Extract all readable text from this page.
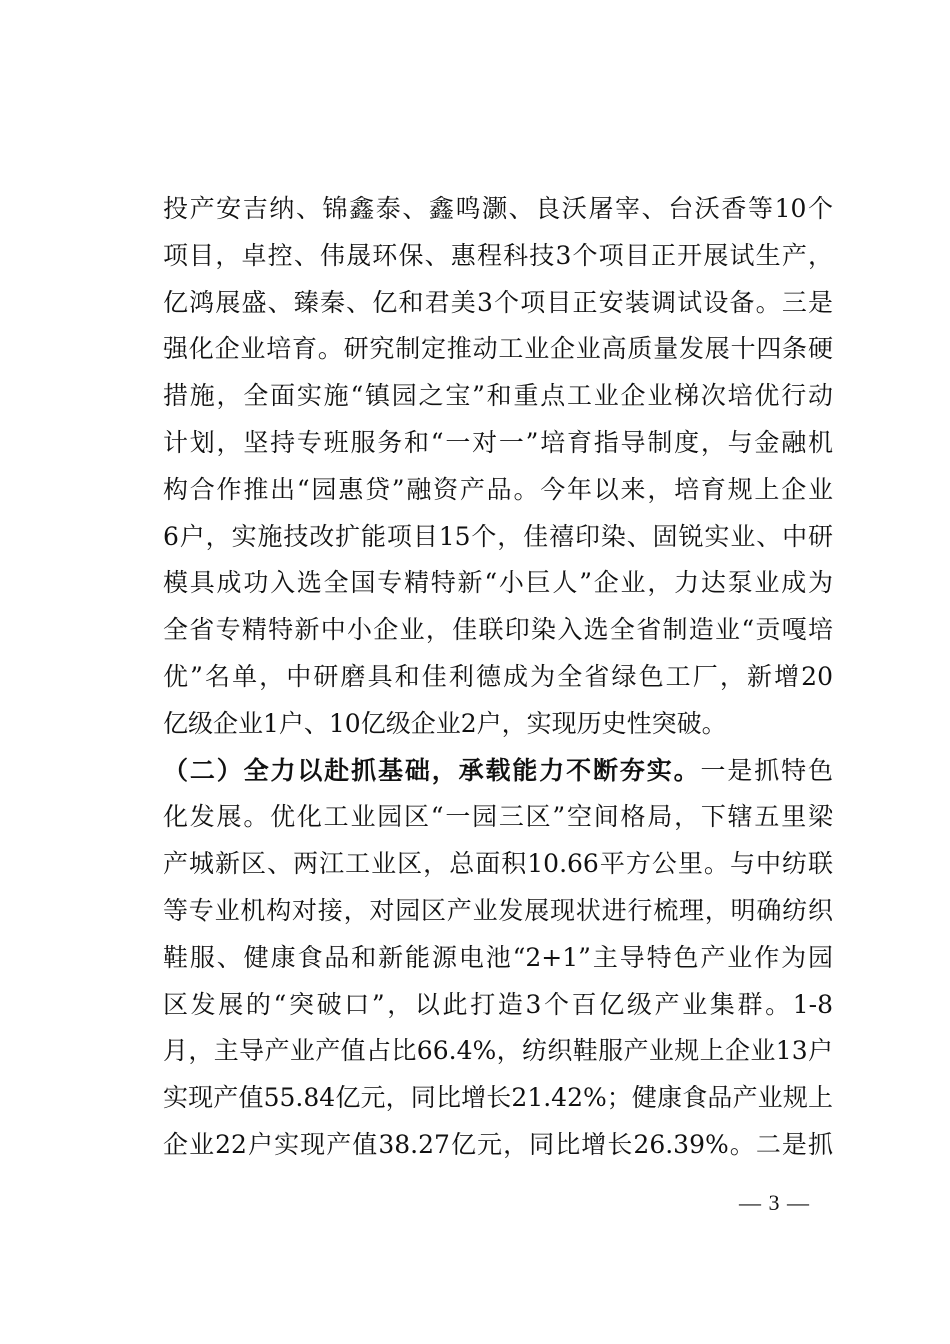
投产安吉纳、锦鑫泰、鑫鸣灏、良沃屠宰、台沃香等10个
项目，卓控、伟晟环保、惠程科技3个项目正开展试生产，
亿鸿展盛、臻秦、亿和君美3个项目正安装调试设备。三是
强化企业培育。研究制定推动工业企业高质量发展十四条硬
措施，全面实施“镇园之宝”和重点工业企业梯次培优行动
计划，坚持专班服务和“一对一”培育指导制度，与金融机
构合作推出“园惠贷”融资产品。今年以来，培育规上企业
6户，实施技改扩能项目15个，佳禧印染、固锐实业、中研
模具成功入选全国专精特新“小巨人”企业，力达泵业成为
全省专精特新中小企业，佳联印染入选全省制造业“贡嘎培
优”名单，中研磨具和佳利德成为全省绿色工厂，新增20
亿级企业1户、10亿级企业2户，实现历史性突破。
（二）全力以赴抓基础，承载能力不断夯实。一是抓特色
化发展。优化工业园区“一园三区”空间格局，下辖五里梁
产城新区、两江工业区，总面积10.66平方公里。与中纺联
等专业机构对接，对园区产业发展现状进行梳理，明确纺织
鞋服、健康食品和新能源电池“2+1”主导特色产业作为园
区发展的“突破口”，以此打造3个百亿级产业集群。1-8
月，主导产业产值占比66.4%，纺织鞋服产业规上企业13户
实现产值55.84亿元，同比增长21.42%；健康食品产业规上
企业22户实现产值38.27亿元，同比增长26.39%。二是抓
— 3 —
